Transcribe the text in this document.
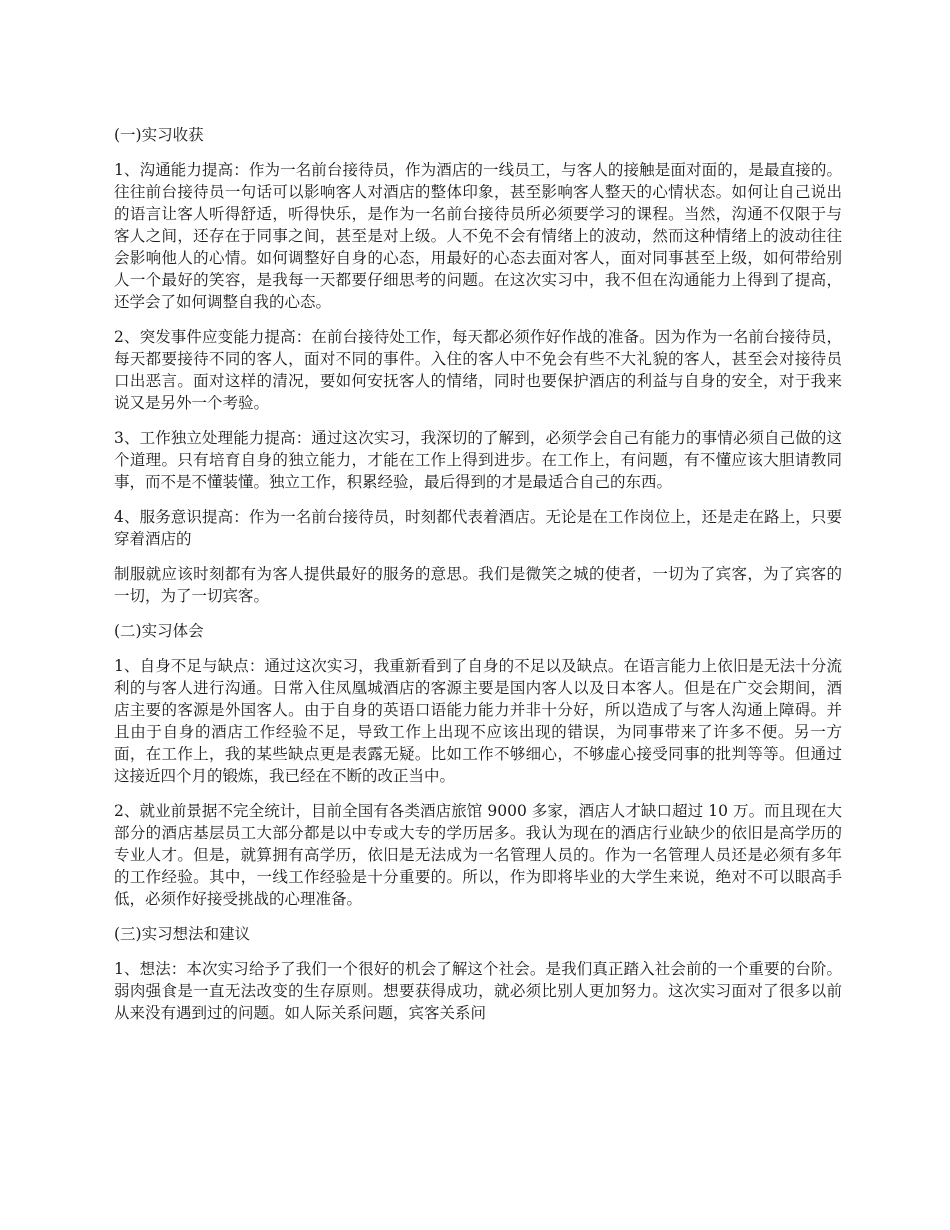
(一)实习收获

1、沟通能力提高：作为一名前台接待员，作为酒店的一线员工，与客人的接触是面对面的，是最直接的。往往前台接待员一句话可以影响客人对酒店的整体印象，甚至影响客人整天的心情状态。如何让自己说出的语言让客人听得舒适，听得快乐，是作为一名前台接待员所必须要学习的课程。当然，沟通不仅限于与客人之间，还存在于同事之间，甚至是对上级。人不免不会有情绪上的波动，然而这种情绪上的波动往往会影响他人的心情。如何调整好自身的心态，用最好的心态去面对客人，面对同事甚至上级，如何带给别人一个最好的笑容，是我每一天都要仔细思考的问题。在这次实习中，我不但在沟通能力上得到了提高，还学会了如何调整自我的心态。

2、突发事件应变能力提高：在前台接待处工作，每天都必须作好作战的准备。因为作为一名前台接待员，每天都要接待不同的客人，面对不同的事件。入住的客人中不免会有些不大礼貌的客人，甚至会对接待员口出恶言。面对这样的清况，要如何安抚客人的情绪，同时也要保护酒店的利益与自身的安全，对于我来说又是另外一个考验。

3、工作独立处理能力提高：通过这次实习，我深切的了解到，必须学会自己有能力的事情必须自己做的这个道理。只有培育自身的独立能力，才能在工作上得到进步。在工作上，有问题，有不懂应该大胆请教同事，而不是不懂装懂。独立工作，积累经验，最后得到的才是最适合自己的东西。

4、服务意识提高：作为一名前台接待员，时刻都代表着酒店。无论是在工作岗位上，还是走在路上，只要穿着酒店的

制服就应该时刻都有为客人提供最好的服务的意思。我们是微笑之城的使者，一切为了宾客，为了宾客的一切，为了一切宾客。

(二)实习体会

1、自身不足与缺点：通过这次实习，我重新看到了自身的不足以及缺点。在语言能力上依旧是无法十分流利的与客人进行沟通。日常入住凤凰城酒店的客源主要是国内客人以及日本客人。但是在广交会期间，酒店主要的客源是外国客人。由于自身的英语口语能力能力并非十分好，所以造成了与客人沟通上障碍。并且由于自身的酒店工作经验不足，导致工作上出现不应该出现的错误，为同事带来了许多不便。另一方面，在工作上，我的某些缺点更是表露无疑。比如工作不够细心，不够虚心接受同事的批判等等。但通过这接近四个月的锻炼，我已经在不断的改正当中。

2、就业前景据不完全统计，目前全国有各类酒店旅馆 9000 多家，酒店人才缺口超过 10 万。而且现在大部分的酒店基层员工大部分都是以中专或大专的学历居多。我认为现在的酒店行业缺少的依旧是高学历的专业人才。但是，就算拥有高学历，依旧是无法成为一名管理人员的。作为一名管理人员还是必须有多年的工作经验。其中，一线工作经验是十分重要的。所以，作为即将毕业的大学生来说，绝对不可以眼高手低，必须作好接受挑战的心理准备。

(三)实习想法和建议

1、想法：本次实习给予了我们一个很好的机会了解这个社会。是我们真正踏入社会前的一个重要的台阶。弱肉强食是一直无法改变的生存原则。想要获得成功，就必须比别人更加努力。这次实习面对了很多以前从来没有遇到过的问题。如人际关系问题，宾客关系问
